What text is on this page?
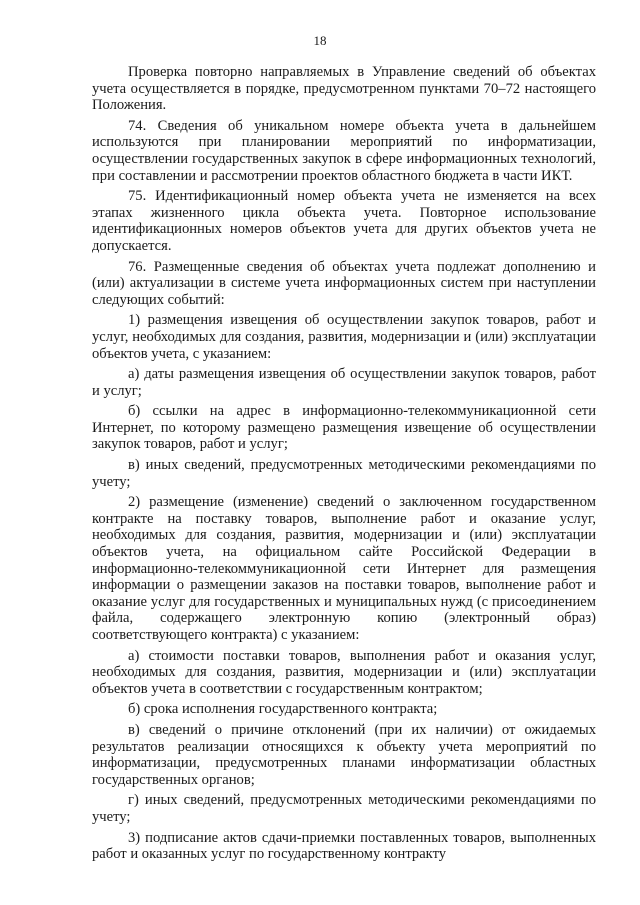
18

Проверка повторно направляемых в Управление сведений об объектах учета осуществляется в порядке, предусмотренном пунктами 70–72 настоящего Положения.

74. Сведения об уникальном номере объекта учета в дальнейшем используются при планировании мероприятий по информатизации, осуществлении государственных закупок в сфере информационных технологий, при составлении и рассмотрении проектов областного бюджета в части ИКТ.

75. Идентификационный номер объекта учета не изменяется на всех этапах жизненного цикла объекта учета. Повторное использование идентификационных номеров объектов учета для других объектов учета не допускается.

76. Размещенные сведения об объектах учета подлежат дополнению и (или) актуализации в системе учета информационных систем при наступлении следующих событий:

1) размещения извещения об осуществлении закупок товаров, работ и услуг, необходимых для создания, развития, модернизации и (или) эксплуатации объектов учета, с указанием:

а) даты размещения извещения об осуществлении закупок товаров, работ и услуг;

б) ссылки на адрес в информационно-телекоммуникационной сети Интернет, по которому размещено размещения извещение об осуществлении закупок товаров, работ и услуг;

в) иных сведений, предусмотренных методическими рекомендациями по учету;

2) размещение (изменение) сведений о заключенном государственном контракте на поставку товаров, выполнение работ и оказание услуг, необходимых для создания, развития, модернизации и (или) эксплуатации объектов учета, на официальном сайте Российской Федерации в информационно-телекоммуникационной сети Интернет для размещения информации о размещении заказов на поставки товаров, выполнение работ и оказание услуг для государственных и муниципальных нужд (с присоединением файла, содержащего электронную копию (электронный образ) соответствующего контракта) с указанием:

а) стоимости поставки товаров, выполнения работ и оказания услуг, необходимых для создания, развития, модернизации и (или) эксплуатации объектов учета в соответствии с государственным контрактом;

б) срока исполнения государственного контракта;

в) сведений о причине отклонений (при их наличии) от ожидаемых результатов реализации относящихся к объекту учета мероприятий по информатизации, предусмотренных планами информатизации областных государственных органов;

г) иных сведений, предусмотренных методическими рекомендациями по учету;

3) подписание актов сдачи-приемки поставленных товаров, выполненных работ и оказанных услуг по государственному контракту
